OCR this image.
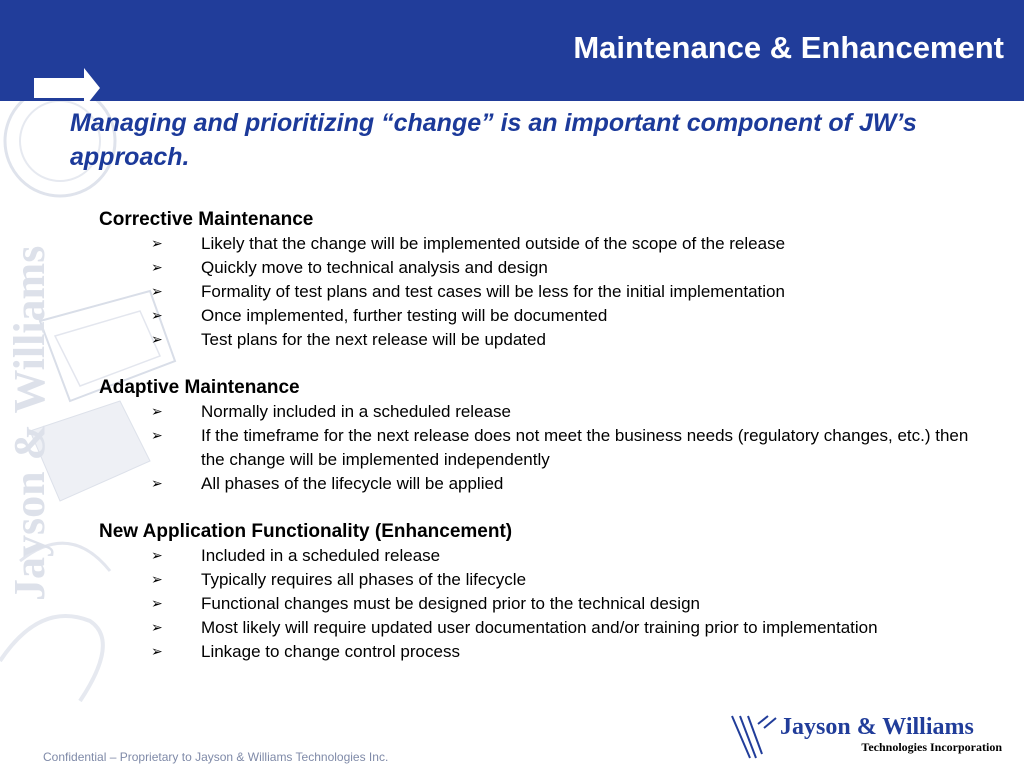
Maintenance & Enhancement
Jayson & Williams
Managing and prioritizing “change” is an important component of JW’s approach.
Corrective Maintenance
➢ Likely that the change will be implemented outside of the scope of the release
➢ Quickly move to technical analysis and design
➢ Formality of test plans and test cases will be less for the initial implementation
➢ Once implemented, further testing will be documented
➢ Test plans for the next release will be updated
Adaptive Maintenance
➢ Normally included in a scheduled release
➢ If the timeframe for the next release does not meet the business needs (regulatory changes, etc.) then the change will be implemented independently
➢ All phases of the lifecycle will be applied
New Application Functionality (Enhancement)
➢ Included in a scheduled release
➢ Typically requires all phases of the lifecycle
➢ Functional changes must be designed prior to the technical design
➢ Most likely will require updated user documentation and/or training prior to implementation
➢ Linkage to change control process
Confidential – Proprietary to Jayson & Williams Technologies Inc.
Jayson & Williams
Technologies Incorporation
